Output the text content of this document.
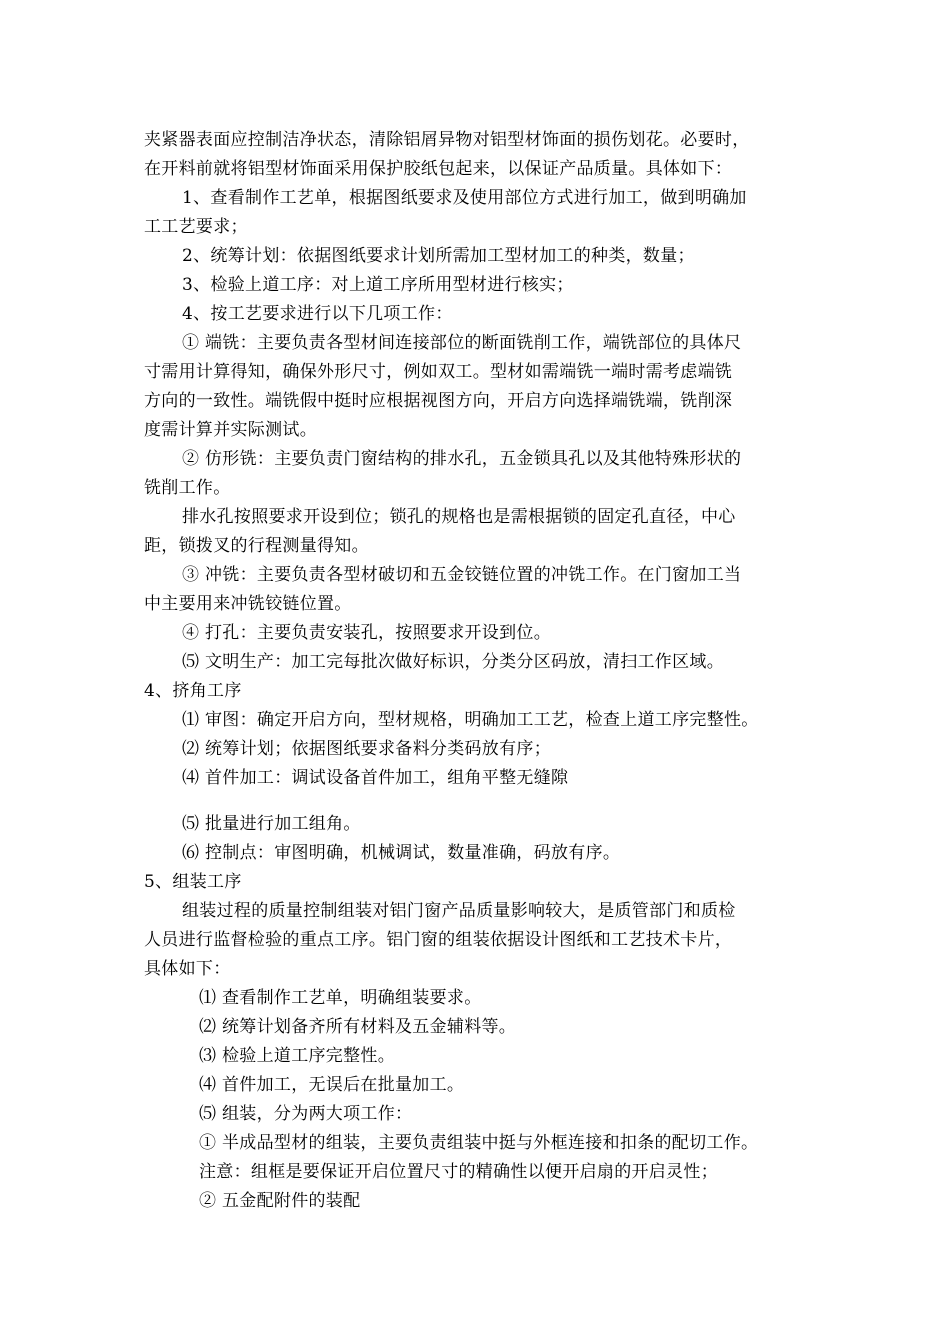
夹紧器表面应控制洁净状态，清除铝屑异物对铝型材饰面的损伤划花。必要时，

在开料前就将铝型材饰面采用保护胶纸包起来，以保证产品质量。具体如下：

1、查看制作工艺单，根据图纸要求及使用部位方式进行加工，做到明确加

工工艺要求；

2、统筹计划：依据图纸要求计划所需加工型材加工的种类，数量；

3、检验上道工序：对上道工序所用型材进行核实；

4、按工艺要求进行以下几项工作：

① 端铣：主要负责各型材间连接部位的断面铣削工作，端铣部位的具体尺

寸需用计算得知，确保外形尺寸，例如双工。型材如需端铣一端时需考虑端铣

方向的一致性。端铣假中挺时应根据视图方向，开启方向选择端铣端，铣削深

度需计算并实际测试。

② 仿形铣：主要负责门窗结构的排水孔，五金锁具孔以及其他特殊形状的

铣削工作。

排水孔按照要求开设到位；锁孔的规格也是需根据锁的固定孔直径，中心

距，锁拨叉的行程测量得知。

③ 冲铣：主要负责各型材破切和五金铰链位置的冲铣工作。在门窗加工当

中主要用来冲铣铰链位置。

④ 打孔：主要负责安装孔，按照要求开设到位。

⑸ 文明生产：加工完每批次做好标识，分类分区码放，清扫工作区域。

4、挤角工序

⑴ 审图：确定开启方向，型材规格，明确加工工艺，检查上道工序完整性。

⑵ 统筹计划；依据图纸要求备料分类码放有序；

⑷ 首件加工：调试设备首件加工，组角平整无缝隙

⑸ 批量进行加工组角。

⑹ 控制点：审图明确，机械调试，数量准确，码放有序。

5、组装工序

组装过程的质量控制组装对铝门窗产品质量影响较大，是质管部门和质检

人员进行监督检验的重点工序。铝门窗的组装依据设计图纸和工艺技术卡片，

具体如下：

⑴ 查看制作工艺单，明确组装要求。

⑵ 统筹计划备齐所有材料及五金辅料等。

⑶ 检验上道工序完整性。

⑷ 首件加工，无误后在批量加工。

⑸ 组装，分为两大项工作：

① 半成品型材的组装，主要负责组装中挺与外框连接和扣条的配切工作。

注意：组框是要保证开启位置尺寸的精确性以便开启扇的开启灵性；

② 五金配附件的装配
